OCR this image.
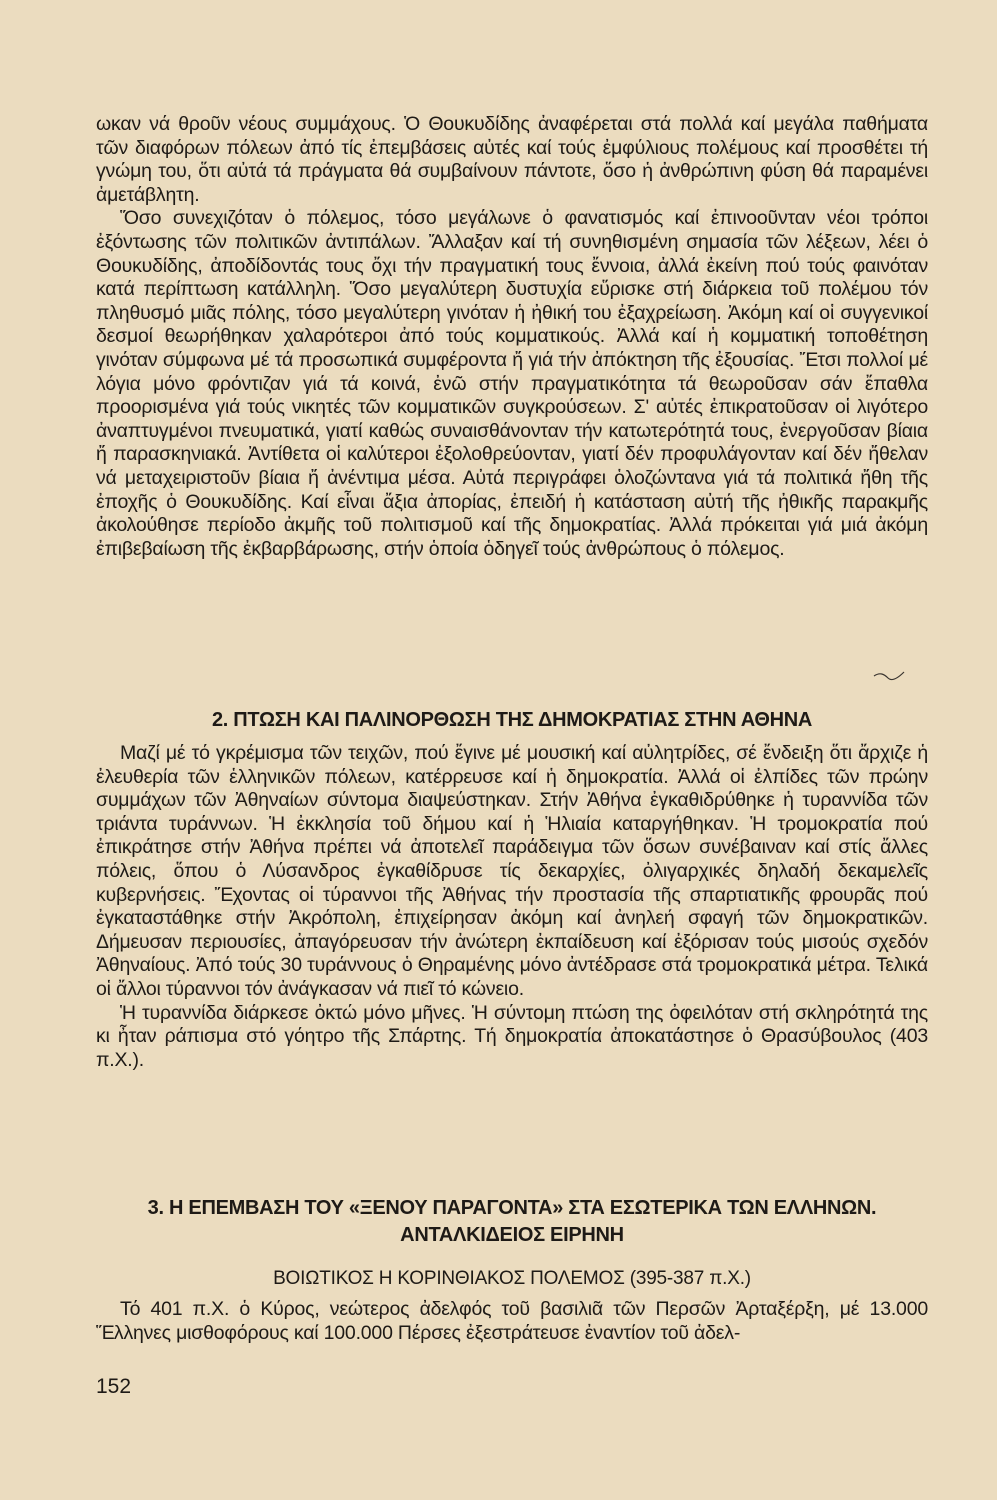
ωκαν νά θροῦν νέους συμμάχους. Ὁ Θουκυδίδης ἀναφέρεται στά πολλά καί μεγάλα παθήματα τῶν διαφόρων πόλεων ἀπό τίς ἐπεμβάσεις αὐτές καί τούς ἐμφύλιους πολέμους καί προσθέτει τή γνώμη του, ὅτι αὐτά τά πράγματα θά συμβαίνουν πάντοτε, ὅσο ἡ ἀνθρώπινη φύση θά παραμένει ἀμετάβλητη.

Ὅσο συνεχιζόταν ὁ πόλεμος, τόσο μεγάλωνε ὁ φανατισμός καί ἐπινοοῦνταν νέοι τρόποι ἐξόντωσης τῶν πολιτικῶν ἀντιπάλων. Ἄλλαξαν καί τή συνηθισμένη σημασία τῶν λέξεων, λέει ὁ Θουκυδίδης, ἀποδίδοντάς τους ὄχι τήν πραγματική τους ἔννοια, ἀλλά ἐκείνη πού τούς φαινόταν κατά περίπτωση κατάλληλη. Ὅσο μεγαλύτερη δυστυχία εὕρισκε στή διάρκεια τοῦ πολέμου τόν πληθυσμό μιᾶς πόλης, τόσο μεγαλύτερη γινόταν ἡ ἠθική του ἐξαχρείωση. Ἀκόμη καί οἱ συγγενικοί δεσμοί θεωρήθηκαν χαλαρότεροι ἀπό τούς κομματικούς. Ἀλλά καί ἡ κομματική τοποθέτηση γινόταν σύμφωνα μέ τά προσωπικά συμφέροντα ἤ γιά τήν ἀπόκτηση τῆς ἐξουσίας. Ἔτσι πολλοί μέ λόγια μόνο φρόντιζαν γιά τά κοινά, ἐνῶ στήν πραγματικότητα τά θεωροῦσαν σάν ἔπαθλα προορισμένα γιά τούς νικητές τῶν κομματικῶν συγκρούσεων. Σ' αὐτές ἐπικρατοῦσαν οἱ λιγότερο ἀναπτυγμένοι πνευματικά, γιατί καθώς συναισθάνονταν τήν κατωτερότητά τους, ἐνεργοῦσαν βίαια ἤ παρασκηνιακά. Ἀντίθετα οἱ καλύτεροι ἐξολοθρεύονταν, γιατί δέν προφυλάγονταν καί δέν ἤθελαν νά μεταχειριστοῦν βίαια ἤ ἀνέντιμα μέσα. Αὐτά περιγράφει ὁλοζώντανα γιά τά πολιτικά ἤθη τῆς ἐποχῆς ὁ Θουκυδίδης. Καί εἶναι ἄξια ἀπορίας, ἐπειδή ἡ κατάσταση αὐτή τῆς ἠθικῆς παρακμῆς ἀκολούθησε περίοδο ἀκμῆς τοῦ πολιτισμοῦ καί τῆς δημοκρατίας. Ἀλλά πρόκειται γιά μιά ἀκόμη ἐπιβεβαίωση τῆς ἐκβαρβάρωσης, στήν ὁποία ὁδηγεῖ τούς ἀνθρώπους ὁ πόλεμος.

2. ΠΤΩΣΗ ΚΑΙ ΠΑΛΙΝΟΡΘΩΣΗ ΤΗΣ ΔΗΜΟΚΡΑΤΙΑΣ ΣΤΗΝ ΑΘΗΝΑ

Μαζί μέ τό γκρέμισμα τῶν τειχῶν, πού ἔγινε μέ μουσική καί αὐλητρίδες, σέ ἔνδειξη ὅτι ἄρχιζε ἡ ἐλευθερία τῶν ἑλληνικῶν πόλεων, κατέρρευσε καί ἡ δημοκρατία. Ἀλλά οἱ ἐλπίδες τῶν πρώην συμμάχων τῶν Ἀθηναίων σύντομα διαψεύστηκαν. Στήν Ἀθήνα ἐγκαθιδρύθηκε ἡ τυραννίδα τῶν τριάντα τυράννων. Ἡ ἐκκλησία τοῦ δήμου καί ἡ Ἡλιαία καταργήθηκαν. Ἡ τρομοκρατία πού ἐπικράτησε στήν Ἀθήνα πρέπει νά ἀποτελεῖ παράδειγμα τῶν ὅσων συνέβαιναν καί στίς ἄλλες πόλεις, ὅπου ὁ Λύσανδρος ἐγκαθίδρυσε τίς δεκαρχίες, ὀλιγαρχικές δηλαδή δεκαμελεῖς κυβερνήσεις. Ἔχοντας οἱ τύραννοι τῆς Ἀθήνας τήν προστασία τῆς σπαρτιατικῆς φρουρᾶς πού ἐγκαταστάθηκε στήν Ἀκρόπολη, ἐπιχείρησαν ἀκόμη καί ἀνηλεή σφαγή τῶν δημοκρατικῶν. Δήμευσαν περιουσίες, ἀπαγόρευσαν τήν ἀνώτερη ἐκπαίδευση καί ἐξόρισαν τούς μισούς σχεδόν Ἀθηναίους. Ἀπό τούς 30 τυράννους ὁ Θηραμένης μόνο ἀντέδρασε στά τρομοκρατικά μέτρα. Τελικά οἱ ἄλλοι τύραννοι τόν ἀνάγκασαν νά πιεῖ τό κώνειο.

Ἡ τυραννίδα διάρκεσε ὀκτώ μόνο μῆνες. Ἡ σύντομη πτώση της ὀφειλόταν στή σκληρότητά της κι ἦταν ράπισμα στό γόητρο τῆς Σπάρτης. Τή δημοκρατία ἀποκατάστησε ὁ Θρασύβουλος (403 π.Χ.).

3. Η ΕΠΕΜΒΑΣΗ ΤΟΥ «ΞΕΝΟΥ ΠΑΡΑΓΟΝΤΑ» ΣΤΑ ΕΣΩΤΕΡΙΚΑ ΤΩΝ ΕΛΛΗΝΩΝ.
ΑΝΤΑΛΚΙΔΕΙΟΣ ΕΙΡΗΝΗ
ΒΟΙΩΤΙΚΟΣ Η ΚΟΡΙΝΘΙΑΚΟΣ ΠΟΛΕΜΟΣ (395-387 π.Χ.)

Τό 401 π.Χ. ὁ Κύρος, νεώτερος ἀδελφός τοῦ βασιλιᾶ τῶν Περσῶν Ἀρταξέρξη, μέ 13.000 Ἕλληνες μισθοφόρους καί 100.000 Πέρσες ἐξεστράτευσε ἐναντίον τοῦ ἀδελ-

152
